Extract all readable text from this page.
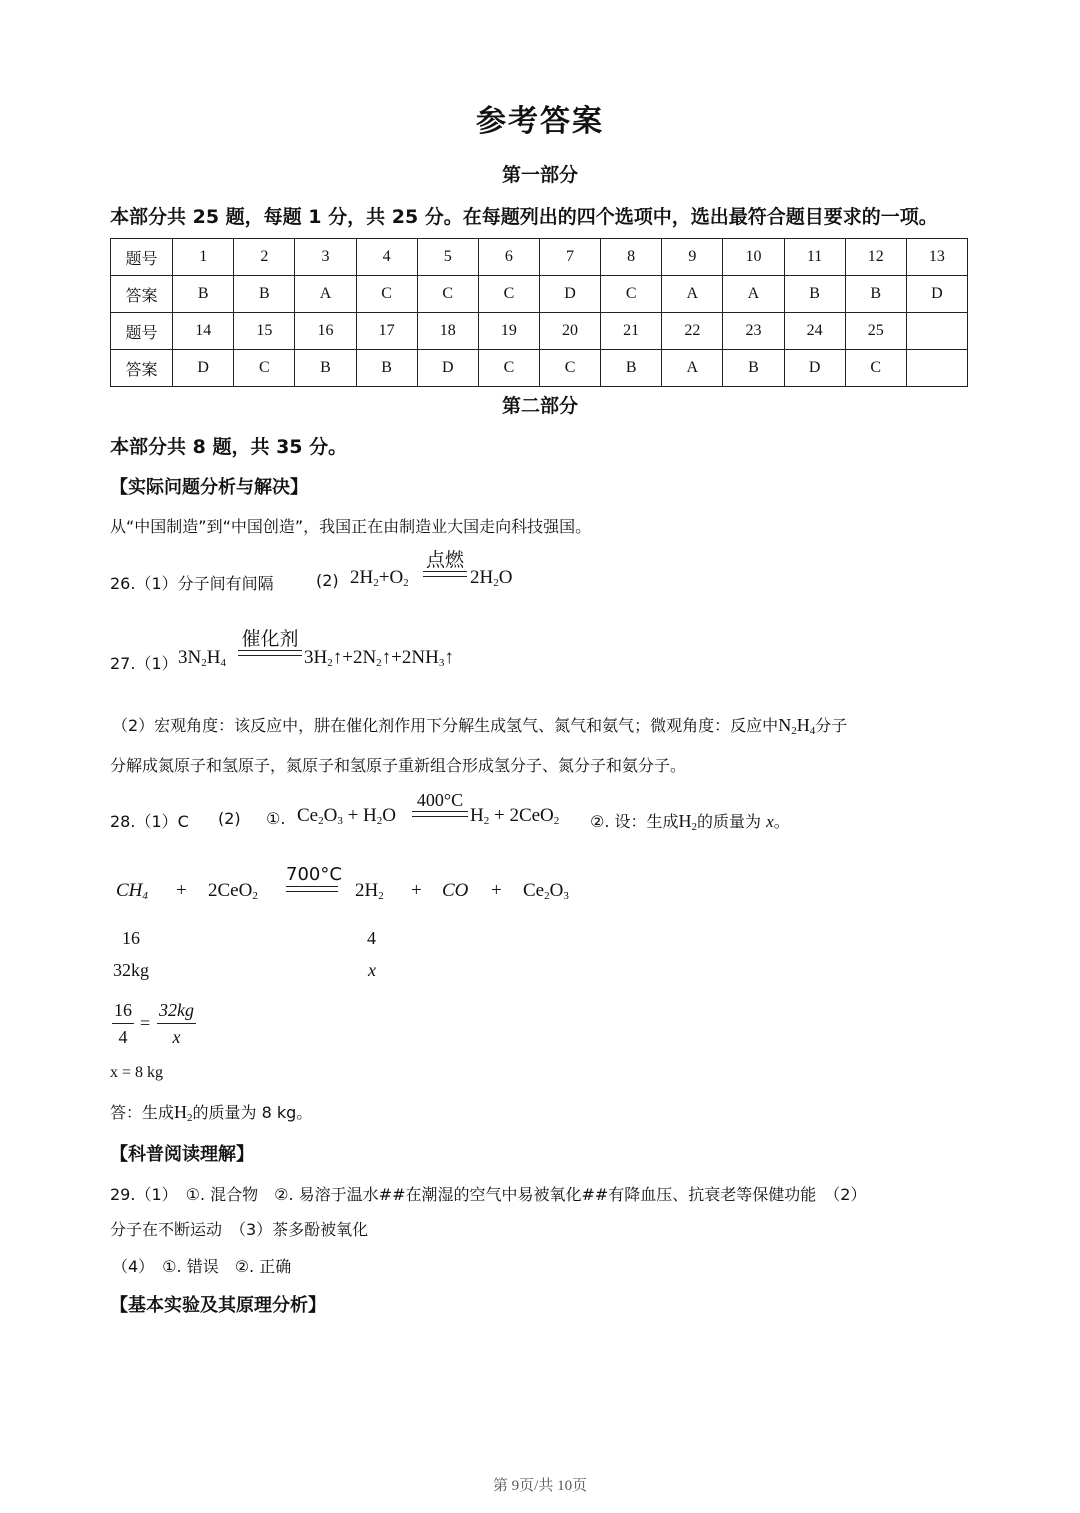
参考答案
第一部分
本部分共 25 题，每题 1 分，共 25 分。在每题列出的四个选项中，选出最符合题目要求的一项。
题号	1	2	3	4	5	6	7	8	9	10	11	12	13
答案	B	B	A	C	C	C	D	C	A	A	B	B	D
题号	14	15	16	17	18	19	20	21	22	23	24	25	
答案	D	C	B	B	D	C	C	B	A	B	D	C	
第二部分
本部分共 8 题，共 35 分。
【实际问题分析与解决】
从“中国制造”到“中国创造”，我国正在由制造业大国走向科技强国。
26.（1）分子间有间隔	(2) $2H_2+O_2$
点燃
$2H_2O$
27.（1） $3N_2H_4$
催化剂
$3H_2↑+2N_2↑+2NH_3↑$
（2）宏观角度：该反应中，肼在催化剂作用下分解生成氢气、氮气和氨气；微观角度：反应中$N_2H_4$分子
分解成氮原子和氢原子，氮原子和氢原子重新组合形成氢分子、氮分子和氨分子。
28.（1）C (2) ①. $Ce_2O_3 + H_2O$
400°C
$H_2 + 2CeO_2$ ②. 设：生成$H_2$的质量为 x。
$CH_4 + 2CeO_2$
700°C
$2H_2$ + CO + $Ce_2O_3$
16	4
32kg	x
$\frac{16}{4} = \frac{32kg}{x}$
x = 8 kg
答：生成$H_2$的质量为 8 kg。
【科普阅读理解】
29.（1）　①. 混合物　②. 易溶于温水##在潮湿的空气中易被氧化##有降血压、抗衰老等保健功能　（2）
分子在不断运动　（3）茶多酚被氧化
（4）　①. 错误　②. 正确
【基本实验及其原理分析】
第 9页/共 10页
